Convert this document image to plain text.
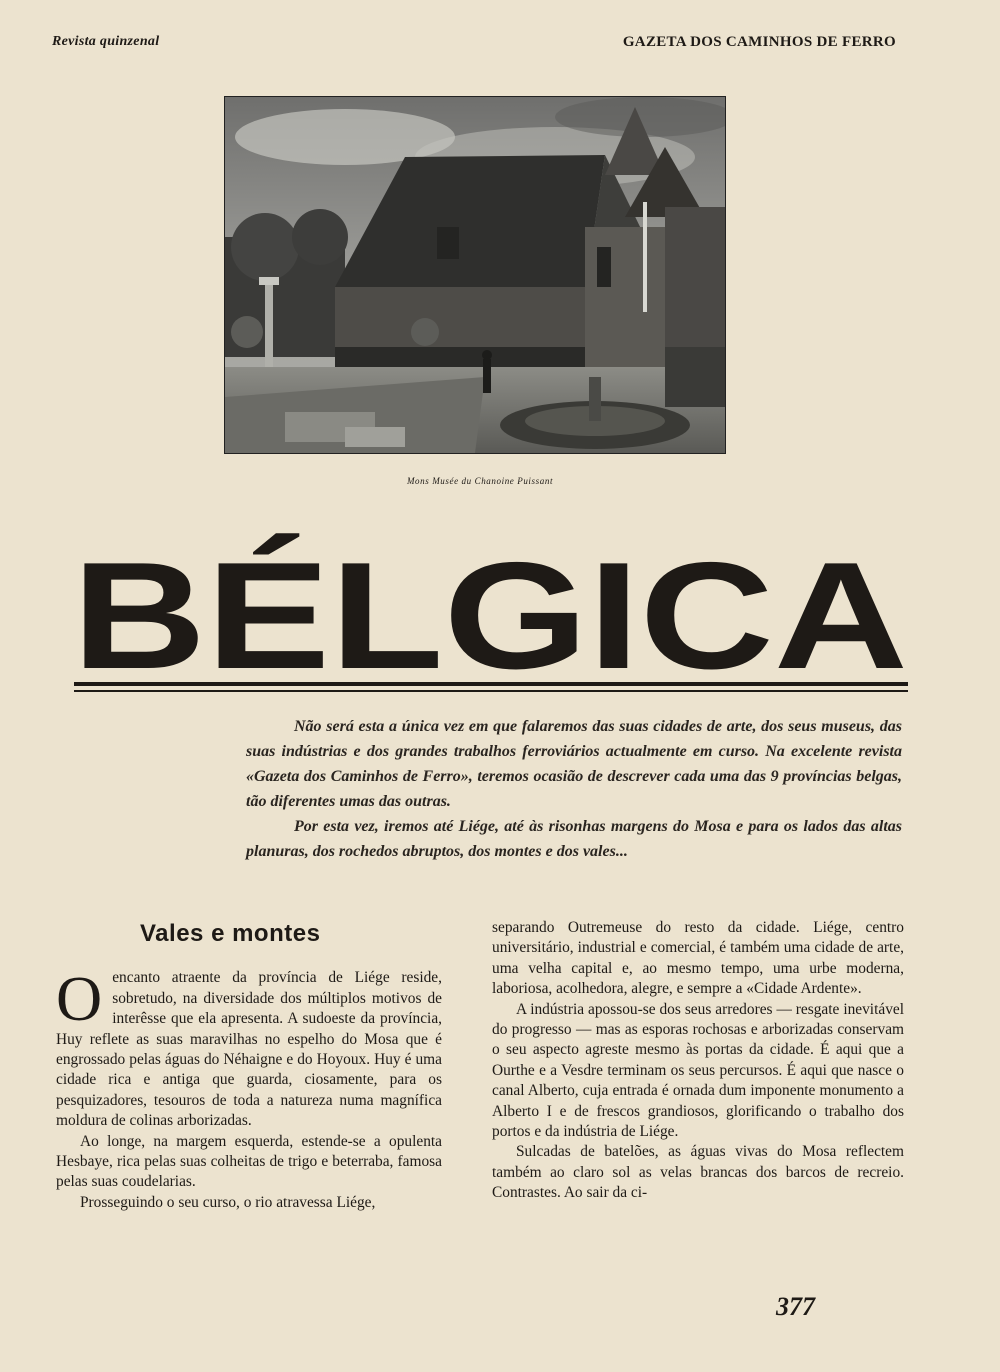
Revista quinzenal	GAZETA DOS CAMINHOS DE FERRO
Mons Musée du Chanoine Puissant
BÉLGICA

Não será esta a única vez em que falaremos das suas cidades de arte, dos seus museus, das suas indústrias e dos grandes trabalhos ferroviários actualmente em curso. Na excelente revista «Gazeta dos Caminhos de Ferro», teremos ocasião de descrever cada uma das 9 províncias belgas, tão diferentes umas das outras.

Por esta vez, iremos até Liége, até às risonhas margens do Mosa e para os lados das altas planuras, dos rochedos abruptos, dos montes e dos vales...

Vales e montes

Oencanto atraente da província de Liége reside, sobretudo, na diversidade dos múltiplos motivos de interêsse que ela apresenta. A sudoeste da província, Huy reflete as suas maravilhas no espelho do Mosa que é engrossado pelas águas do Néhaigne e do Hoyoux. Huy é uma cidade rica e antiga que guarda, ciosamente, para os pesquizadores, tesouros de toda a natureza numa magnífica moldura de colinas arborizadas.

Ao longe, na margem esquerda, estende-se a opulenta Hesbaye, rica pelas suas colheitas de trigo e beterraba, famosa pelas suas coudelarias.

Prosseguindo o seu curso, o rio atravessa Liége,

separando Outremeuse do resto da cidade. Liége, centro universitário, industrial e comercial, é também uma cidade de arte, uma velha capital e, ao mesmo tempo, uma urbe moderna, laboriosa, acolhedora, alegre, e sempre a «Cidade Ardente».

A indústria apossou-se dos seus arredores — resgate inevitável do progresso — mas as esporas rochosas e arborizadas conservam o seu aspecto agreste mesmo às portas da cidade. É aqui que a Ourthe e a Vesdre terminam os seus percursos. É aqui que nasce o canal Alberto, cuja entrada é ornada dum imponente monumento a Alberto I e de frescos grandiosos, glorificando o trabalho dos portos e da indústria de Liége.

Sulcadas de batelões, as águas vivas do Mosa reflectem também ao claro sol as velas brancas dos barcos de recreio. Contrastes. Ao sair da ci-

377
